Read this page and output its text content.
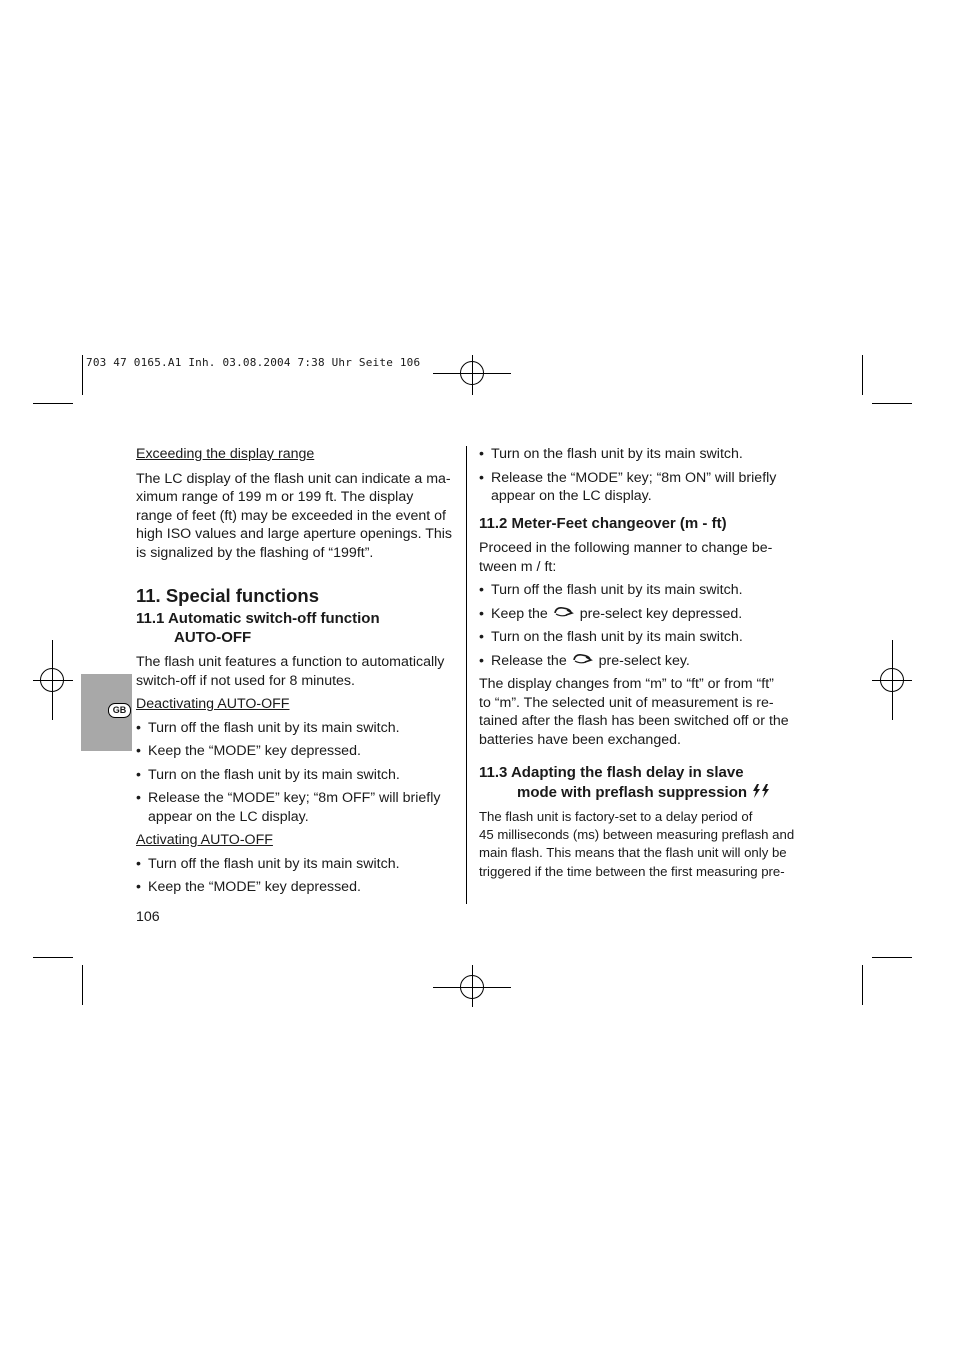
703 47 0165.A1 Inh. 03.08.2004 7:38 Uhr Seite 106
GB

Exceeding the display range

The LC display of the flash unit can indicate a ma-

ximum range of 199 m or 199 ft. The display

range of feet (ft) may be exceeded in the event of

high ISO values and large aperture openings. This

is signalized by the flashing of “199ft”.

11. Special functions

11.1 Automatic switch-off function

AUTO-OFF

The flash unit features a function to automatically

switch-off if not used for 8 minutes.

Deactivating AUTO-OFF

• Turn off the flash unit by its main switch.

• Keep the “MODE” key depressed.

• Turn on the flash unit by its main switch.

• Release the “MODE” key; “8m OFF” will briefly

appear on the LC display.

Activating AUTO-OFF

• Turn off the flash unit by its main switch.

• Keep the “MODE” key depressed.

106

• Turn on the flash unit by its main switch.

• Release the “MODE” key; “8m ON” will briefly

appear on the LC display.

11.2 Meter-Feet changeover (m - ft)

Proceed in the following manner to change be-

tween m / ft:

• Turn off the flash unit by its main switch.

• Keep the pre-select key depressed.

• Turn on the flash unit by its main switch.

• Release the pre-select key.

The display changes from “m” to “ft” or from “ft”

to “m”. The selected unit of measurement is re-

tained after the flash has been switched off or the

batteries have been exchanged.

11.3 Adapting the flash delay in slave

mode with preflash suppression

The flash unit is factory-set to a delay period of

45 milliseconds (ms) between measuring preflash and

main flash. This means that the flash unit will only be

triggered if the time between the first measuring pre-
